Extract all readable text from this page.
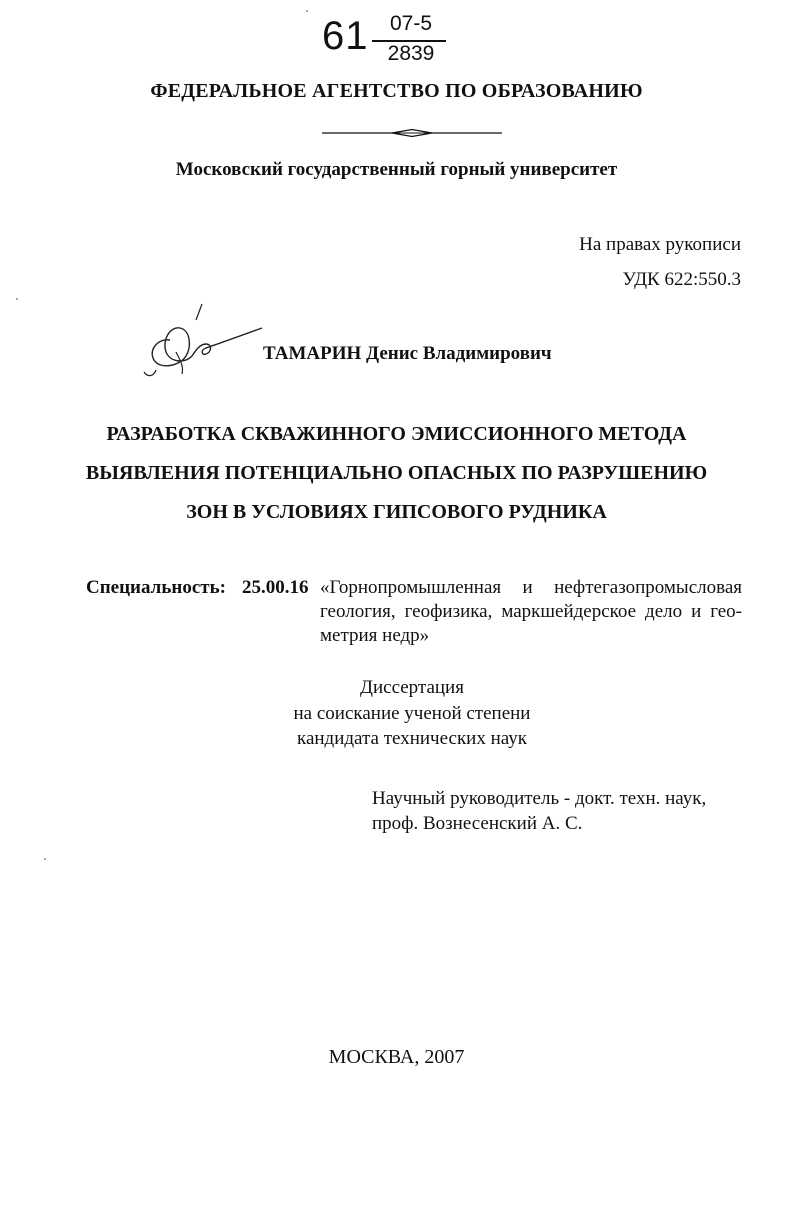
61	07-5
2839
ФЕДЕРАЛЬНОЕ АГЕНТСТВО ПО ОБРАЗОВАНИЮ
Московский государственный горный университет
На правах рукописи
УДК 622:550.3
ТАМАРИН Денис Владимирович
РАЗРАБОТКА СКВАЖИННОГО ЭМИССИОННОГО МЕТОДА
ВЫЯВЛЕНИЯ ПОТЕНЦИАЛЬНО ОПАСНЫХ ПО РАЗРУШЕНИЮ
ЗОН В УСЛОВИЯХ ГИПСОВОГО РУДНИКА
Специальность: 25.00.16 «Горнопромышленная и нефтегазопромысловая
геология, геофизика, маркшейдерское дело и гео-
метрия недр»
Диссертация
на соискание ученой степени
кандидата технических наук
Научный руководитель - докт. техн. наук,
проф. Вознесенский А. С.
МОСКВА, 2007
